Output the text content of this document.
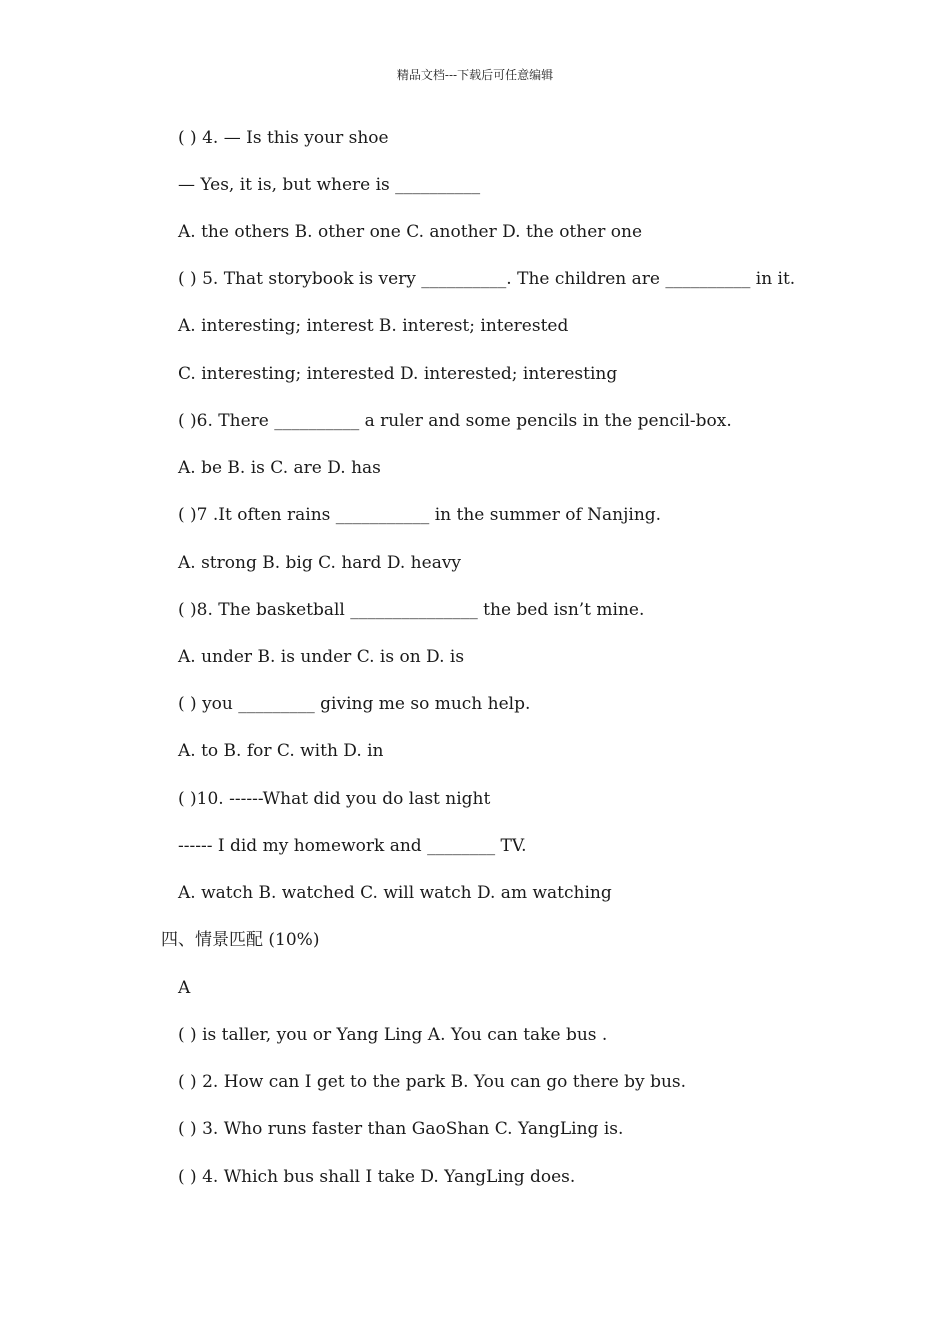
精品文档---下载后可任意编辑
( ) 4. — Is this your shoe
— Yes, it is, but where is __________
A. the others B. other one C. another D. the other one
( ) 5. That storybook is very __________. The children are __________ in it.
A. interesting; interest B. interest; interested
C. interesting; interested D. interested; interesting
( )6. There __________ a ruler and some pencils in the pencil-box.
A. be B. is C. are D. has
( )7 .It often rains ___________ in the summer of Nanjing.
A. strong B. big C. hard D. heavy
( )8. The basketball _______________ the bed isn’t mine.
A. under B. is under C. is on D. is
( ) you _________ giving me so much help.
A. to B. for C. with D. in
( )10. ------What did you do last night
------ I did my homework and ________ TV.
A. watch B. watched C. will watch D. am watching
四、情景匹配 (10%)
A
( ) is taller, you or Yang Ling A. You can take bus .
( ) 2. How can I get to the park B. You can go there by bus.
( ) 3. Who runs faster than GaoShan C. YangLing is.
( ) 4. Which bus shall I take D. YangLing does.
